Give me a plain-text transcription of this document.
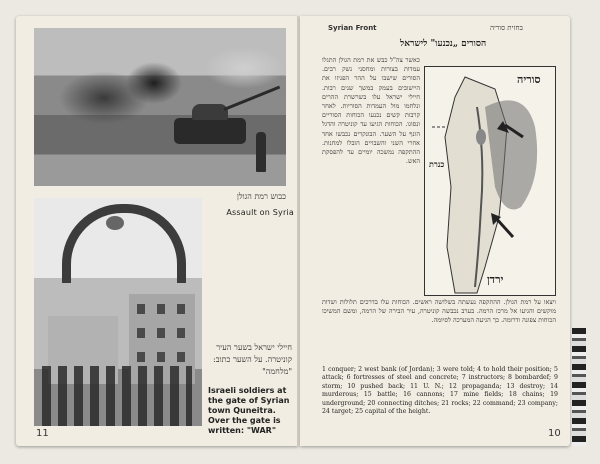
כבוש רמת הגולן
Assault on Syria
חיילי ישראל בשער העיר קוניטרה. על השער כתוב: "מלחמה"
Israeli soldiers at the gate of Syrian town Quneitra. Over the gate is written: "WAR"
11
Syrian Front	בחזית סוריה
הסורים „נכנעו" לישראל
כאשר צה"ל כבש את רמת הגולן התגלו עמדות בצורות ומחסני נשק רבים. הסורים שישבו על ההר הפגיזו את היישובים בעמק במשך שנים רבות. חיילי ישראל עלו בשרשרת ההרים ונלחמו מול העמדות הסוריות. לאחר קרבות קשים נכנעו הכוחות הסוריים ונסוגו. הכוחות הגיעו עד קוניטרה והדגל הונף על השער. הבונקרים נכבשו אחד אחרי השני והשבויים הובלו למחנות. ההתקפה נמשכה יומיים עד להפסקת האש.
סוריה
ירדן
כנרת
ויצאו על רמת הגולן. ההתקפה נעשתה בשלושה ראשים. הכוחות עלו בדרכים תלולות ושדות מוקשים והגיעו אל מרכז הרמה. בערב נכבשה קוניטרה, עיר הבירה של הרמה, ומשם המשיכו הכוחות צפונה ודרומה. כך הגיעה המערכה לסיומה.
1 conquer; 2 west bank (of Jordan); 3 were told; 4 to hold their position; 5 attack; 6 fortresses of steel and concrete; 7 instructors; 8 bombardef; 9 storm; 10 pushed back; 11 U. N.; 12 propaganda; 13 destroy; 14 murderous; 15 battle; 16 cannons; 17 mine fields; 18 chains; 19 underground; 20 connecting ditches; 21 rocks; 22 command; 23 company; 24 target; 25 capital of the height.
10
